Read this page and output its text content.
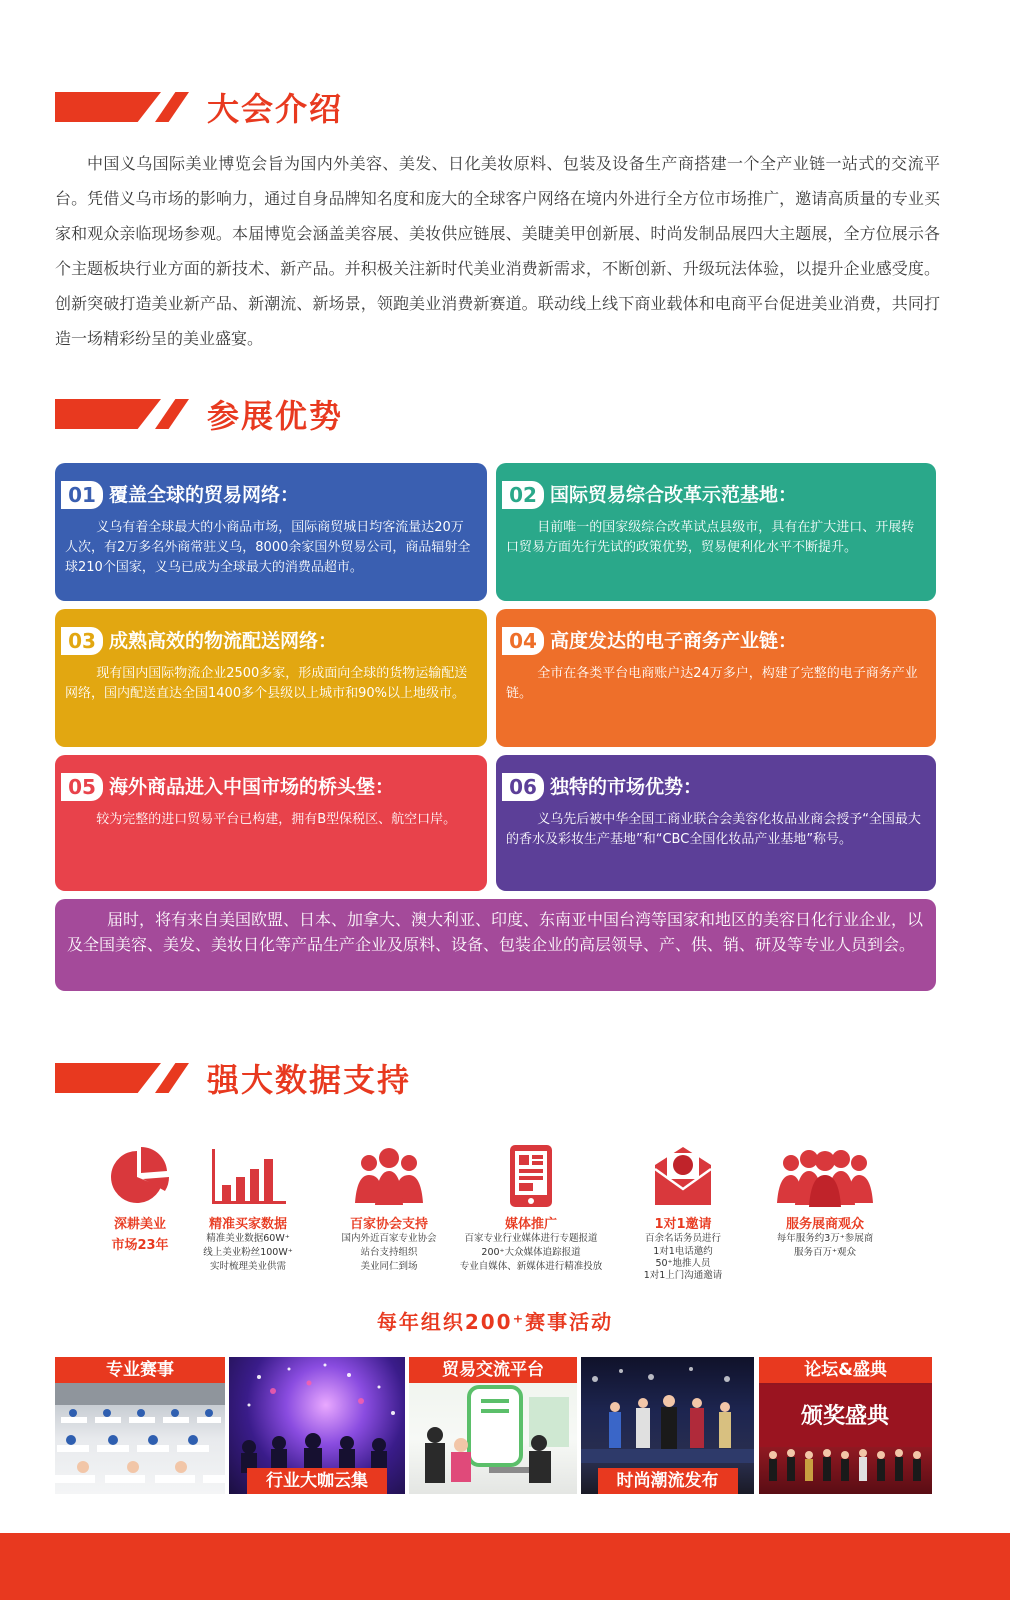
大会介绍

中国义乌国际美业博览会旨为国内外美容、美发、日化美妆原料、包装及设备生产商搭建一个全产业链一站式的交流平台。凭借义乌市场的影响力，通过自身品牌知名度和庞大的全球客户网络在境内外进行全方位市场推广，邀请高质量的专业买家和观众亲临现场参观。本届博览会涵盖美容展、美妆供应链展、美睫美甲创新展、时尚发制品展四大主题展，全方位展示各个主题板块行业方面的新技术、新产品。并积极关注新时代美业消费新需求，不断创新、升级玩法体验，以提升企业感受度。创新突破打造美业新产品、新潮流、新场景，领跑美业消费新赛道。联动线上线下商业载体和电商平台促进美业消费，共同打造一场精彩纷呈的美业盛宴。

参展优势
01 覆盖全球的贸易网络：
义乌有着全球最大的小商品市场，国际商贸城日均客流量达20万人次，有2万多名外商常驻义乌，8000余家国外贸易公司，商品辐射全球210个国家，义乌已成为全球最大的消费品超市。
02 国际贸易综合改革示范基地：
目前唯一的国家级综合改革试点县级市，具有在扩大进口、开展转口贸易方面先行先试的政策优势，贸易便利化水平不断提升。
03 成熟高效的物流配送网络：
现有国内国际物流企业2500多家，形成面向全球的货物运输配送网络，国内配送直达全国1400多个县级以上城市和90%以上地级市。
04 高度发达的电子商务产业链：
全市在各类平台电商账户达24万多户，构建了完整的电子商务产业链。
05 海外商品进入中国市场的桥头堡：
较为完整的进口贸易平台已构建，拥有B型保税区、航空口岸。
06 独特的市场优势：
义乌先后被中华全国工商业联合会美容化妆品业商会授予“全国最大的香水及彩妆生产基地”和“CBC全国化妆品产业基地”称号。
届时，将有来自美国欧盟、日本、加拿大、澳大利亚、印度、东南亚中国台湾等国家和地区的美容日化行业企业，以及全国美容、美发、美妆日化等产品生产企业及原料、设备、包装企业的高层领导、产、供、销、研及等专业人员到会。
强大数据支持
深耕美业
市场23年
精准买家数据
精准美业数据60W⁺
线上美业粉丝100W⁺
实时梳理美业供需
百家协会支持
国内外近百家专业协会
站台支持组织
美业同仁到场
媒体推广
百家专业行业媒体进行专题报道
200⁺大众媒体追踪报道
专业自媒体、新媒体进行精准投放
1对1邀请
百余名话务员进行
1对1电话邀约
50⁺地推人员
1对1上门沟通邀请
服务展商观众
每年服务约3万⁺参展商
服务百万⁺观众
每年组织200⁺赛事活动
专业赛事
行业大咖云集
贸易交流平台
时尚潮流发布
颁奖盛典
论坛&盛典
